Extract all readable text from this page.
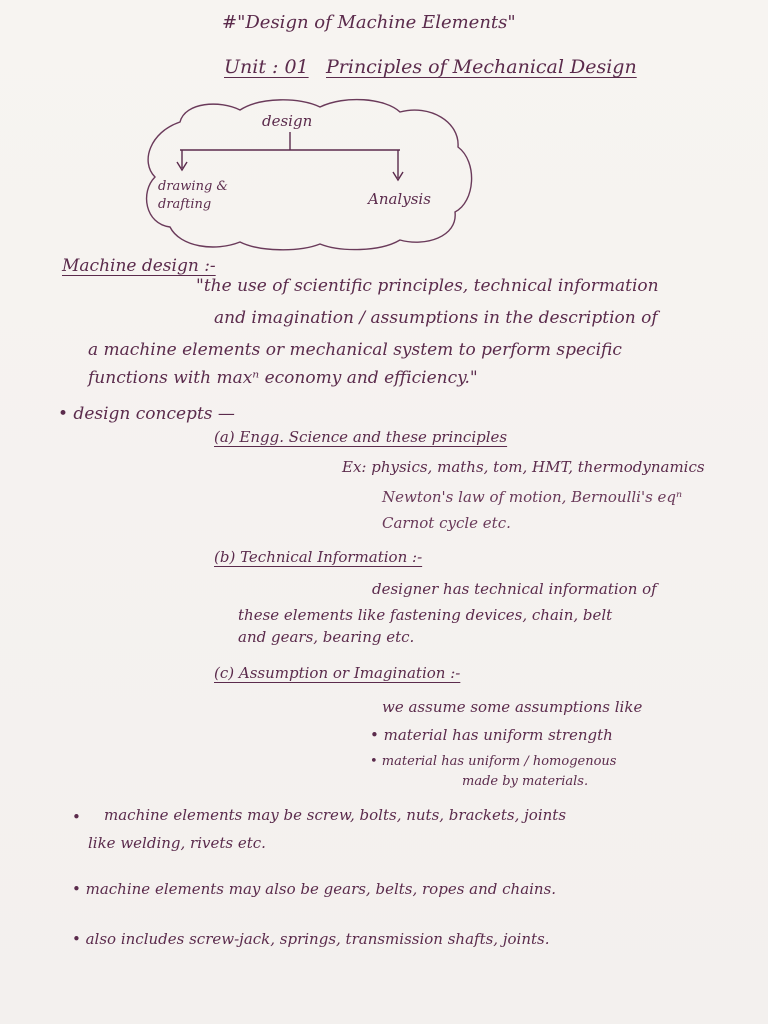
#"Design of Machine Elements"
Unit : 01 Principles of Mechanical Design
design
drawing & drafting	Analysis
Machine design :-
"the use of scientific principles, technical information
and imagination / assumptions in the description of
a machine elements or mechanical system to perform specific
functions with maxⁿ economy and efficiency."
• design concepts —
(a) Engg. Science and these principles
Ex: physics, maths, tom, HMT, thermodynamics
Newton's law of motion, Bernoulli's eqⁿ
Carnot cycle etc.
(b) Technical Information :-
designer has technical information of
these elements like fastening devices, chain, belt
and gears, bearing etc.
(c) Assumption or Imagination :-
we assume some assumptions like
• material has uniform strength
• material has uniform / homogenous
made by materials.
• machine elements may be screw, bolts, nuts, brackets, joints
like welding, rivets etc.
• machine elements may also be gears, belts, ropes and chains.
• also includes screw-jack, springs, transmission shafts, joints.
